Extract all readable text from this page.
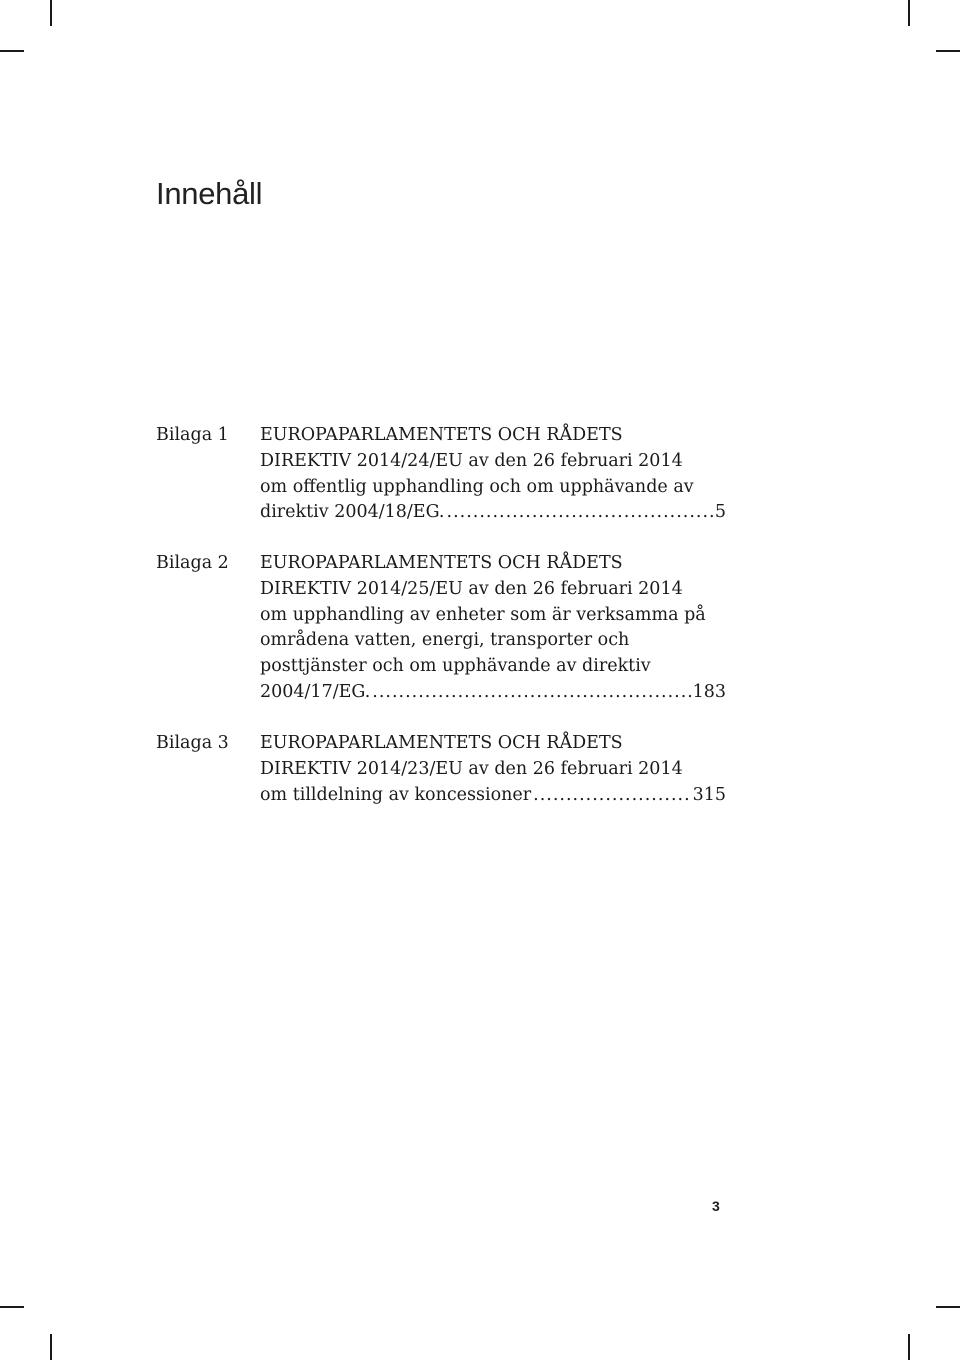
Innehåll
Bilaga 1	EUROPAPARLAMENTETS OCH RÅDETS
DIREKTIV 2014/24/EU av den 26 februari 2014
om offentlig upphandling och om upphävande av
direktiv 2004/18/EG. .....	5
Bilaga 2	EUROPAPARLAMENTETS OCH RÅDETS
DIREKTIV 2014/25/EU av den 26 februari 2014
om upphandling av enheter som är verksamma på
områdena vatten, energi, transporter och
posttjänster och om upphävande av direktiv
2004/17/EG. .....	183
Bilaga 3	EUROPAPARLAMENTETS OCH RÅDETS
DIREKTIV 2014/23/EU av den 26 februari 2014
om tilldelning av koncessioner .....	315
3
